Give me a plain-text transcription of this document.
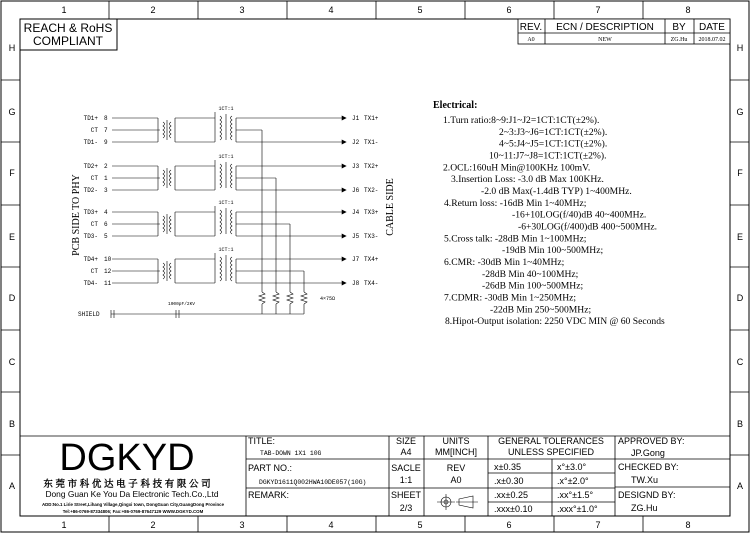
1
1
2
2
3
3
4
4
5
5
6
6
7
7
8
8
H	H
G	G
F	F
E	E
D	D
C	C
B	B
A	A
REACH & RoHS
COMPLIANT
REV. ECN / DESCRIPTION BY DATE
A0	NEW	ZG.Hu 2018.07.02
TD1+ 8
CT 7
TD1- 9
TD2+ 2
CT 1
TD2- 3
TD3+ 4
CT 6
TD3- 5
TD4+ 10
CT 12
TD4- 11
1CT:1
1CT:1
1CT:1
1CT:1
J1 TX1+
J2 TX1-
J3 TX2+
J6 TX2-
J4 TX3+
J5 TX3-
J7 TX4+
J8 TX4-
SHIELD
1000pF/2KV
4×75Ω
PCB SIDE TO PHY	CABLE SIDE
Electrical:
1.Turn ratio:8~9:J1~J2=1CT:1CT(±2%).
2~3:J3~J6=1CT:1CT(±2%).
4~5:J4~J5=1CT:1CT(±2%).
10~11:J7~J8=1CT:1CT(±2%).
2.OCL:160uH Min@100KHz 100mV.
3.Insertion Loss: -3.0 dB Max 100KHz.
-2.0 dB Max(-1.4dB TYP) 1~400MHz.
4.Return loss: -16dB Min 1~40MHz;
-16+10LOG(f/40)dB 40~400MHz.
-6+30LOG(f/400)dB 400~500MHz.
5.Cross talk: -28dB Min 1~100MHz;
-19dB Min 100~500MHz;
6.CMR: -30dB Min 1~40MHz;
-28dB Min 40~100MHz;
-26dB Min 100~500MHz;
7.CDMR: -30dB Min 1~250MHz;
-22dB Min 250~500MHz;
8.Hipot-Output isolation: 2250 VDC MIN @ 60 Seconds
DGKYD
东 莞 市 科 优 达 电 子 科 技 有 限 公 司
Dong Guan Ke You Da Electronic Tech.Co.,Ltd
ADD:No.1 Lirie Street,Lihang Village,Qingxi town, DongGuan City,GuangDong Province
Tel:+86-0769-87334806; Fax:+86-0769-87647129 WWW.DGKYD.COM
TITLE:
TAB-DOWN 1X1 10G
PART NO.:
DGKYD1611Q002HWA10DE057(10G)
REMARK:
SIZE
A4
SACLE
1:1
SHEET
2/3
UNITS
MM[INCH]
REV
A0
GENERAL TOLERANCES
UNLESS SPECIFIED
x±0.35	x°±3.0°
.x±0.30	.x°±2.0°
.xx±0.25	.xx°±1.5°
.xxx±0.10	.xxx°±1.0°
APPROVED BY:
JP.Gong
CHECKED BY:
TW.Xu
DESIGND BY:
ZG.Hu
